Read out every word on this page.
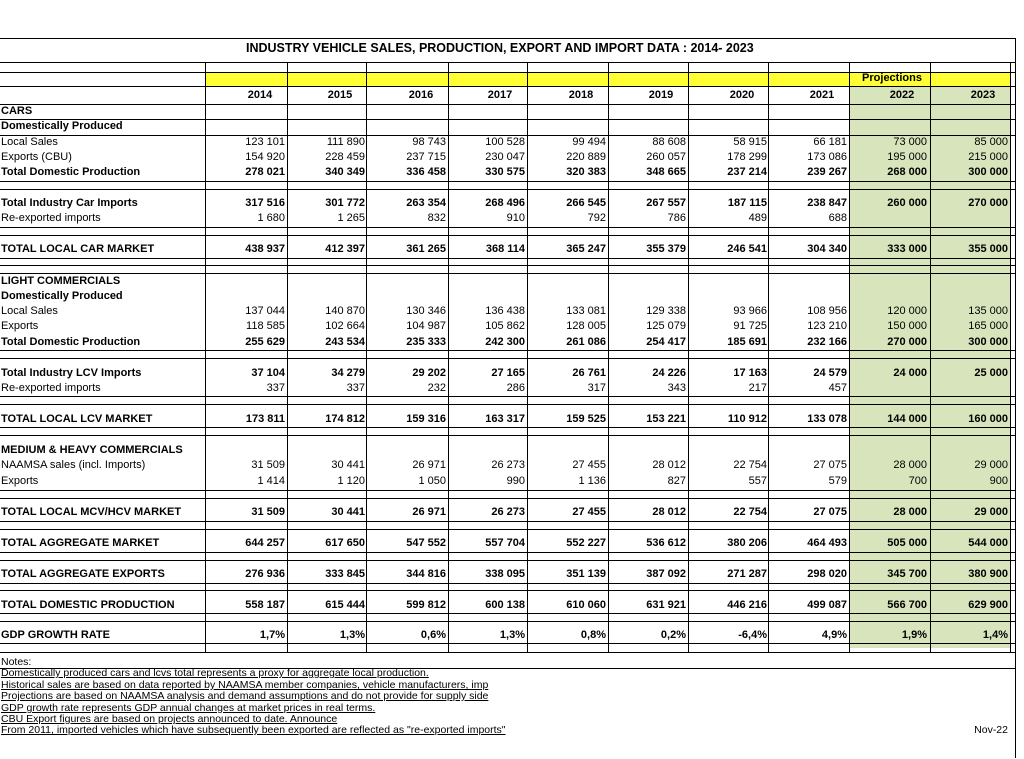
INDUSTRY VEHICLE SALES, PRODUCTION, EXPORT AND IMPORT DATA : 2014- 2023
Projections
2014	2015	2016	2017	2018	2019	2020	2021	2022	2023
CARS
Domestically Produced
Local Sales	123 101	111 890	98 743	100 528	99 494	88 608	58 915	66 181	73 000	85 000
Exports (CBU)	154 920	228 459	237 715	230 047	220 889	260 057	178 299	173 086	195 000	215 000
Total Domestic Production	278 021	340 349	336 458	330 575	320 383	348 665	237 214	239 267	268 000	300 000
Total Industry Car Imports	317 516	301 772	263 354	268 496	266 545	267 557	187 115	238 847	260 000	270 000
Re-exported imports	1 680	1 265	832	910	792	786	489	688
TOTAL LOCAL CAR MARKET	438 937	412 397	361 265	368 114	365 247	355 379	246 541	304 340	333 000	355 000
LIGHT COMMERCIALS
Domestically Produced
Local Sales	137 044	140 870	130 346	136 438	133 081	129 338	93 966	108 956	120 000	135 000
Exports	118 585	102 664	104 987	105 862	128 005	125 079	91 725	123 210	150 000	165 000
Total Domestic Production	255 629	243 534	235 333	242 300	261 086	254 417	185 691	232 166	270 000	300 000
Total Industry LCV Imports	37 104	34 279	29 202	27 165	26 761	24 226	17 163	24 579	24 000	25 000
Re-exported imports	337	337	232	286	317	343	217	457
TOTAL LOCAL LCV MARKET	173 811	174 812	159 316	163 317	159 525	153 221	110 912	133 078	144 000	160 000
MEDIUM & HEAVY COMMERCIALS
NAAMSA sales (incl. Imports)	31 509	30 441	26 971	26 273	27 455	28 012	22 754	27 075	28 000	29 000
Exports	1 414	1 120	1 050	990	1 136	827	557	579	700	900
TOTAL LOCAL MCV/HCV MARKET	31 509	30 441	26 971	26 273	27 455	28 012	22 754	27 075	28 000	29 000
TOTAL AGGREGATE MARKET	644 257	617 650	547 552	557 704	552 227	536 612	380 206	464 493	505 000	544 000
TOTAL AGGREGATE EXPORTS	276 936	333 845	344 816	338 095	351 139	387 092	271 287	298 020	345 700	380 900
TOTAL DOMESTIC PRODUCTION	558 187	615 444	599 812	600 138	610 060	631 921	446 216	499 087	566 700	629 900
GDP GROWTH RATE	1,7%	1,3%	0,6%	1,3%	0,8%	0,2%	-6,4%	4,9%	1,9%	1,4%
Notes:
Domestically produced cars and lcvs total represents a proxy for aggregate local production.
Historical sales are based on data reported by NAAMSA member companies, vehicle manufacturers, imp
Projections are based on NAAMSA analysis and demand assumptions and do not provide for supply side
GDP growth rate represents GDP annual changes at market prices in real terms.
CBU Export figures are based on projects announced to date. Announce
From 2011, imported vehicles which have subsequently been exported are reflected as "re-exported imports"	Nov-22
